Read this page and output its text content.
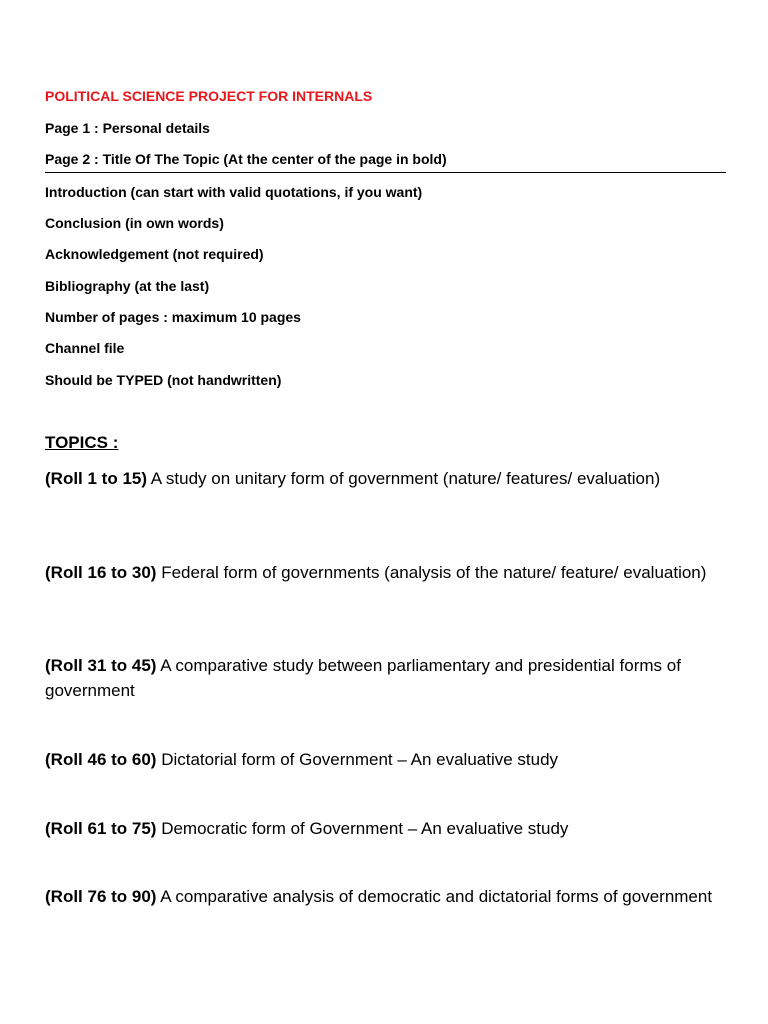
POLITICAL SCIENCE PROJECT FOR INTERNALS
Page 1 : Personal details
Page 2 : Title Of The Topic (At the center of the page in bold)
Introduction (can start with valid quotations, if you want)
Conclusion (in own words)
Acknowledgement (not required)
Bibliography (at the last)
Number of pages : maximum 10 pages
Channel file
Should be TYPED (not handwritten)
TOPICS :
(Roll 1 to 15) A study on unitary form of government (nature/ features/ evaluation)
(Roll 16 to 30) Federal form of governments (analysis of the nature/ feature/ evaluation)
(Roll 31 to 45) A comparative study between parliamentary and presidential forms of government
(Roll 46 to 60) Dictatorial form of Government – An evaluative study
(Roll 61 to 75) Democratic form of Government – An evaluative study
(Roll 76 to 90) A comparative analysis of democratic and dictatorial forms of government
